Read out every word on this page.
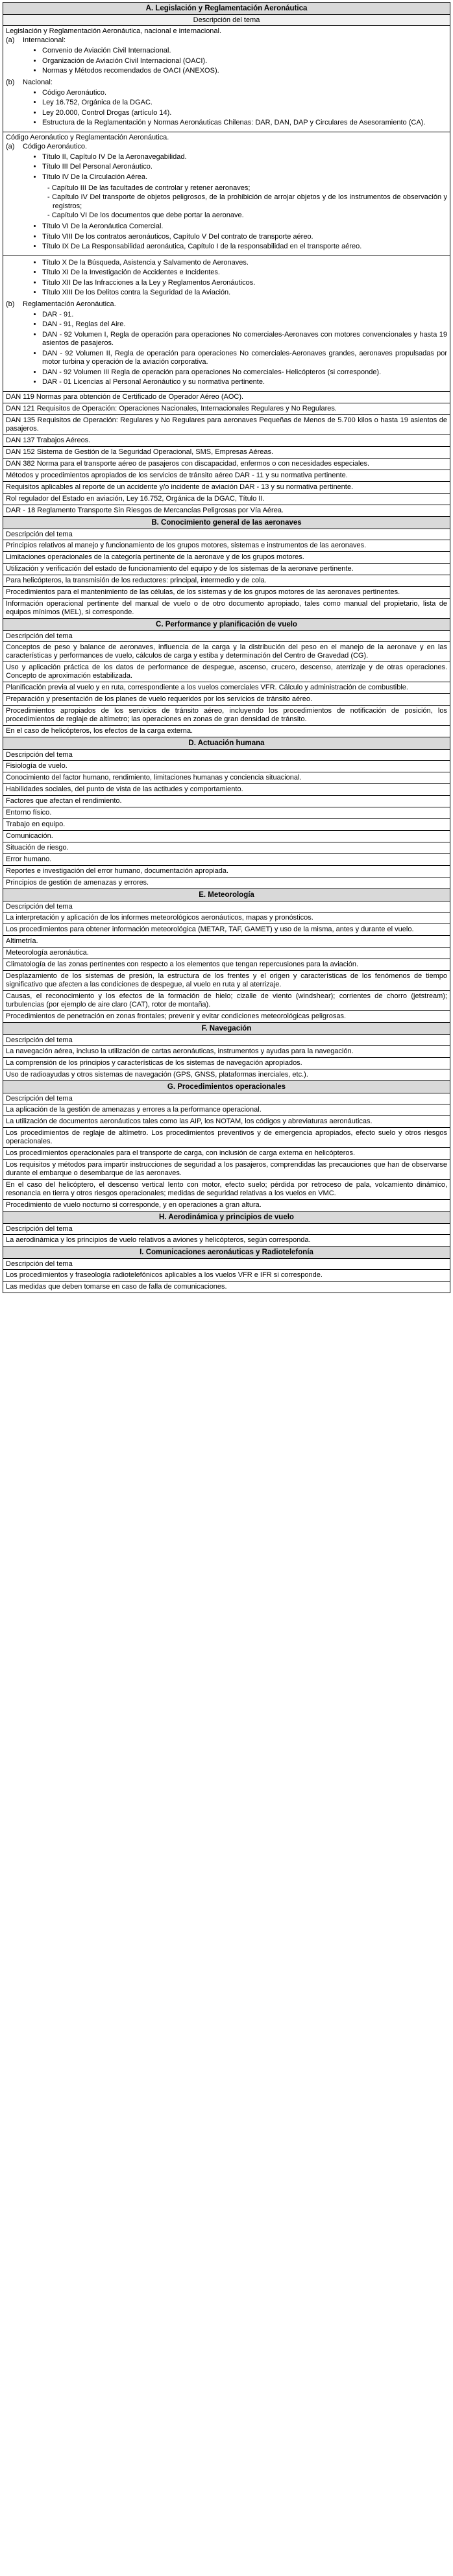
A. Legislación y Reglamentación Aeronáutica
Descripción del tema
Legislación y Reglamentación Aeronáutica, nacional e internacional.
(a) Internacional:
• Convenio de Aviación Civil Internacional.
• Organización de Aviación Civil Internacional (OACI).
• Normas y Métodos recomendados de OACI (ANEXOS).
(b) Nacional:
• Código Aeronáutico.
• Ley 16.752, Orgánica de la DGAC.
• Ley 20.000, Control Drogas (artículo 14).
• Estructura de la Reglamentación y Normas Aeronáuticas Chilenas: DAR, DAN, DAP y Circulares de Asesoramiento (CA).
Código Aeronáutico y Reglamentación Aeronáutica.
(a) Código Aeronáutico.
• Título II, Capítulo IV De la Aeronavegabilidad.
• Título III Del Personal Aeronáutico.
• Título IV De la Circulación Aérea.
- Capítulo III De las facultades de controlar y retener aeronaves;
- Capítulo IV Del transporte de objetos peligrosos, de la prohibición de arrojar objetos y de los instrumentos de observación y registros;
- Capítulo VI De los documentos que debe portar la aeronave.
• Título VI De la Aeronáutica Comercial.
• Título VIII De los contratos aeronáuticos, Capítulo V Del contrato de transporte aéreo.
• Título IX De La Responsabilidad aeronáutica, Capítulo I de la responsabilidad en el transporte aéreo.
• Título X De la Búsqueda, Asistencia y Salvamento de Aeronaves.
• Título XI De la Investigación de Accidentes e Incidentes.
• Título XII De las Infracciones a la Ley y Reglamentos Aeronáuticos.
• Título XIII De los Delitos contra la Seguridad de la Aviación.
(b) Reglamentación Aeronáutica.
• DAR - 91.
• DAN - 91, Reglas del Aire.
• DAN - 92 Volumen I, Regla de operación para operaciones No comerciales-Aeronaves con motores convencionales y hasta 19 asientos de pasajeros.
• DAN - 92 Volumen II, Regla de operación para operaciones No comerciales-Aeronaves grandes, aeronaves propulsadas por motor turbina y operación de la aviación corporativa.
• DAN - 92 Volumen III Regla de operación para operaciones No comerciales- Helicópteros (si corresponde).
• DAR - 01 Licencias al Personal Aeronáutico y su normativa pertinente.
DAN 119 Normas para obtención de Certificado de Operador Aéreo (AOC).
DAN 121 Requisitos de Operación: Operaciones Nacionales, Internacionales Regulares y No Regulares.
DAN 135 Requisitos de Operación: Regulares y No Regulares para aeronaves Pequeñas de Menos de 5.700 kilos o hasta 19 asientos de pasajeros.
DAN 137 Trabajos Aéreos.
DAN 152 Sistema de Gestión de la Seguridad Operacional, SMS, Empresas Aéreas.
DAN 382 Norma para el transporte aéreo de pasajeros con discapacidad, enfermos o con necesidades especiales.
Métodos y procedimientos apropiados de los servicios de tránsito aéreo DAR - 11 y su normativa pertinente.
Requisitos aplicables al reporte de un accidente y/o incidente de aviación DAR - 13 y su normativa pertinente.
Rol regulador del Estado en aviación, Ley 16.752, Orgánica de la DGAC, Título II.
DAR - 18 Reglamento Transporte Sin Riesgos de Mercancías Peligrosas por Vía Aérea.
B. Conocimiento general de las aeronaves
Descripción del tema
Principios relativos al manejo y funcionamiento de los grupos motores, sistemas e instrumentos de las aeronaves.
Limitaciones operacionales de la categoría pertinente de la aeronave y de los grupos motores.
Utilización y verificación del estado de funcionamiento del equipo y de los sistemas de la aeronave pertinente.
Para helicópteros, la transmisión de los reductores: principal, intermedio y de cola.
Procedimientos para el mantenimiento de las células, de los sistemas y de los grupos motores de las aeronaves pertinentes.
Información operacional pertinente del manual de vuelo o de otro documento apropiado, tales como manual del propietario, lista de equipos mínimos (MEL), si corresponde.
C. Performance y planificación de vuelo
Descripción del tema
Conceptos de peso y balance de aeronaves, influencia de la carga y la distribución del peso en el manejo de la aeronave y en las características y performances de vuelo, cálculos de carga y estiba y determinación del Centro de Gravedad (CG).
Uso y aplicación práctica de los datos de performance de despegue, ascenso, crucero, descenso, aterrizaje y de otras operaciones. Concepto de aproximación estabilizada.
Planificación previa al vuelo y en ruta, correspondiente a los vuelos comerciales VFR. Cálculo y administración de combustible.
Preparación y presentación de los planes de vuelo requeridos por los servicios de tránsito aéreo.
Procedimientos apropiados de los servicios de tránsito aéreo, incluyendo los procedimientos de notificación de posición, los procedimientos de reglaje de altímetro; las operaciones en zonas de gran densidad de tránsito.
En el caso de helicópteros, los efectos de la carga externa.
D. Actuación humana
Descripción del tema
Fisiología de vuelo.
Conocimiento del factor humano, rendimiento, limitaciones humanas y conciencia situacional.
Habilidades sociales, del punto de vista de las actitudes y comportamiento.
Factores que afectan el rendimiento.
Entorno físico.
Trabajo en equipo.
Comunicación.
Situación de riesgo.
Error humano.
Reportes e investigación del error humano, documentación apropiada.
Principios de gestión de amenazas y errores.
E. Meteorología
Descripción del tema
La interpretación y aplicación de los informes meteorológicos aeronáuticos, mapas y pronósticos.
Los procedimientos para obtener información meteorológica (METAR, TAF, GAMET) y uso de la misma, antes y durante el vuelo.
Altimetría.
Meteorología aeronáutica.
Climatología de las zonas pertinentes con respecto a los elementos que tengan repercusiones para la aviación.
Desplazamiento de los sistemas de presión, la estructura de los frentes y el origen y características de los fenómenos de tiempo significativo que afecten a las condiciones de despegue, al vuelo en ruta y al aterrizaje.
Causas, el reconocimiento y los efectos de la formación de hielo; cizalle de viento (windshear); corrientes de chorro (jetstream); turbulencias (por ejemplo de aire claro (CAT), rotor de montaña).
Procedimientos de penetración en zonas frontales; prevenir y evitar condiciones meteorológicas peligrosas.
F. Navegación
Descripción del tema
La navegación aérea, incluso la utilización de cartas aeronáuticas, instrumentos y ayudas para la navegación.
La comprensión de los principios y características de los sistemas de navegación apropiados.
Uso de radioayudas y otros sistemas de navegación (GPS, GNSS, plataformas inerciales, etc.).
G. Procedimientos operacionales
Descripción del tema
La aplicación de la gestión de amenazas y errores a la performance operacional.
La utilización de documentos aeronáuticos tales como las AIP, los NOTAM, los códigos y abreviaturas aeronáuticas.
Los procedimientos de reglaje de altímetro. Los procedimientos preventivos y de emergencia apropiados, efecto suelo y otros riesgos operacionales.
Los procedimientos operacionales para el transporte de carga, con inclusión de carga externa en helicópteros.
Los requisitos y métodos para impartir instrucciones de seguridad a los pasajeros, comprendidas las precauciones que han de observarse durante el embarque o desembarque de las aeronaves.
En el caso del helicóptero, el descenso vertical lento con motor, efecto suelo; pérdida por retroceso de pala, volcamiento dinámico, resonancia en tierra y otros riesgos operacionales; medidas de seguridad relativas a los vuelos en VMC.
Procedimiento de vuelo nocturno si corresponde, y en operaciones a gran altura.
H. Aerodinámica y principios de vuelo
Descripción del tema
La aerodinámica y los principios de vuelo relativos a aviones y helicópteros, según corresponda.
I. Comunicaciones aeronáuticas y Radiotelefonía
Descripción del tema
Los procedimientos y fraseología radiotelefónicos aplicables a los vuelos VFR e IFR si corresponde.
Las medidas que deben tomarse en caso de falla de comunicaciones.
